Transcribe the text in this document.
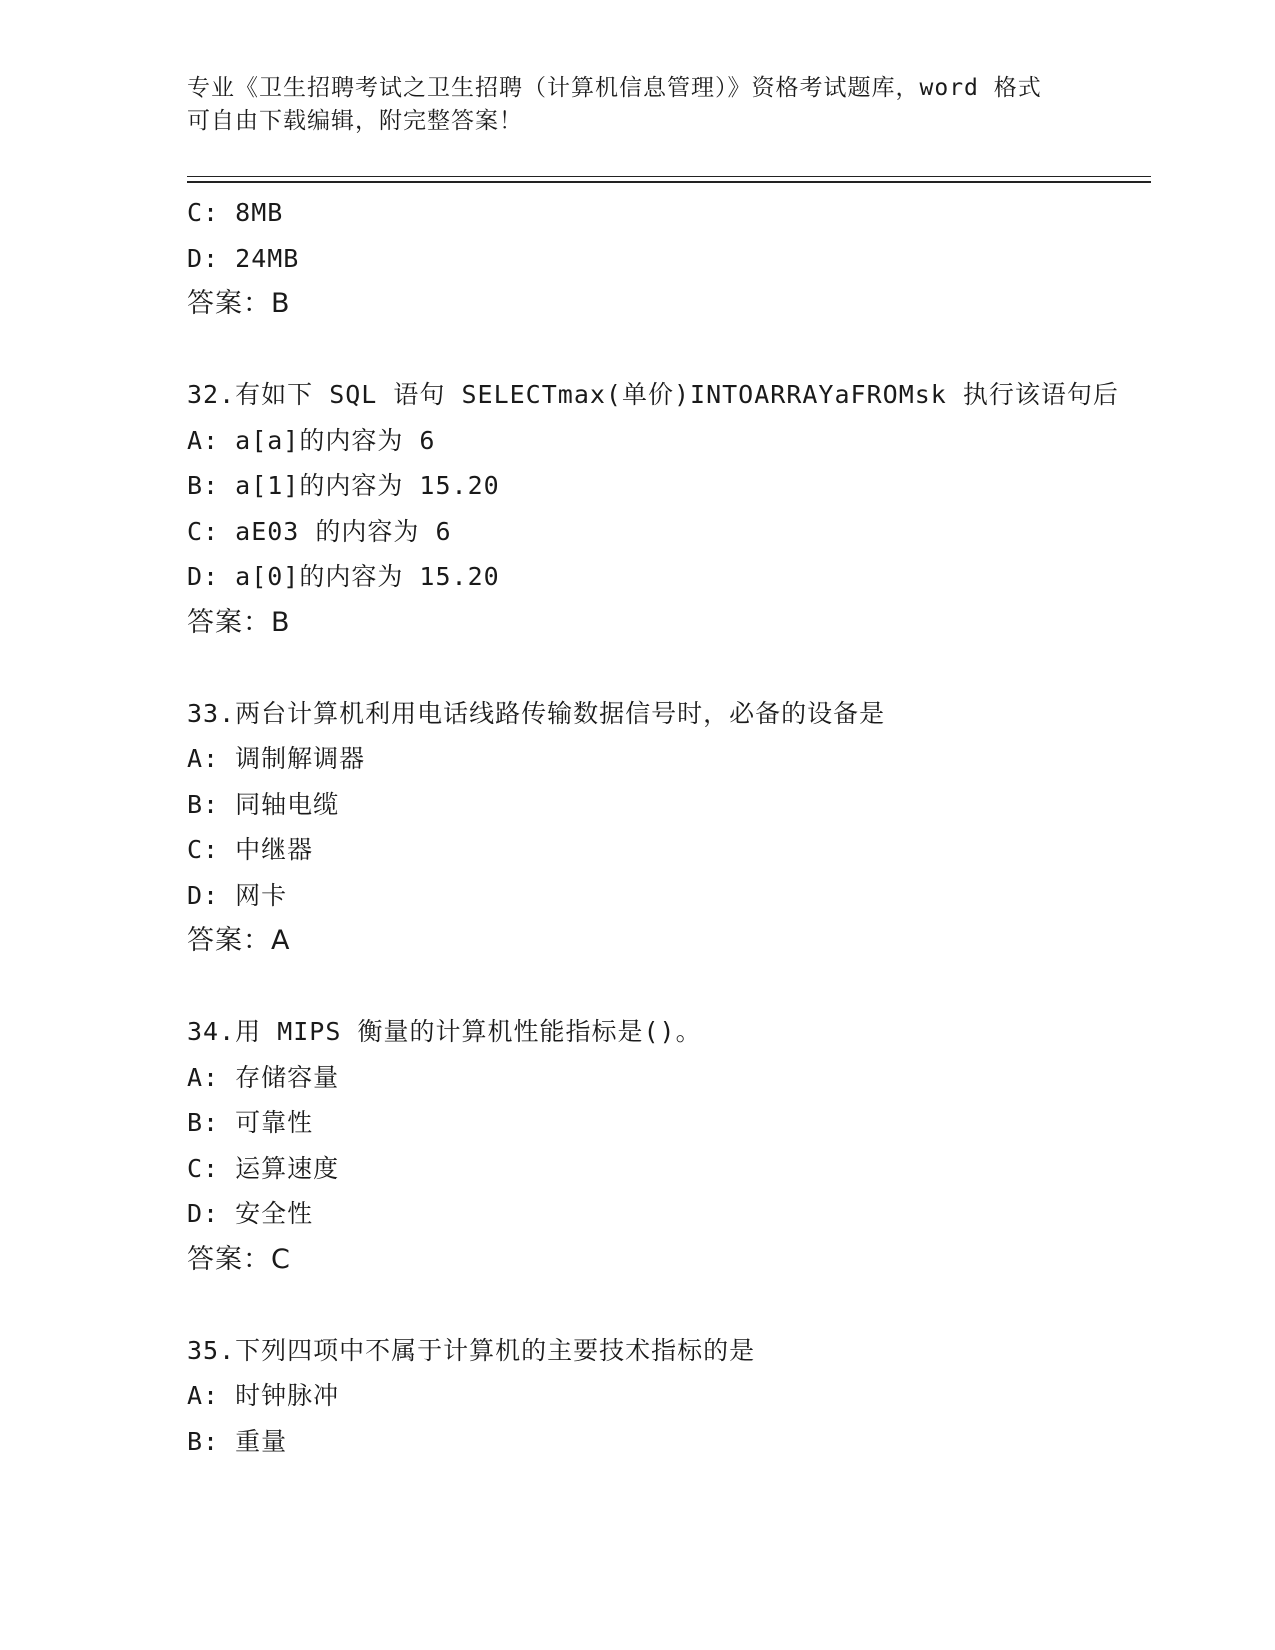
专业《卫生招聘考试之卫生招聘（计算机信息管理）》资格考试题库，word 格式
可自由下载编辑，附完整答案！
C: 8MB
D: 24MB
答案：B
32.有如下 SQL 语句 SELECTmax(单价)INTOARRAYaFROMsk 执行该语句后
A: a[a]的内容为 6
B: a[1]的内容为 15.20
C: aE03 的内容为 6
D: a[0]的内容为 15.20
答案：B
33.两台计算机利用电话线路传输数据信号时，必备的设备是
A: 调制解调器
B: 同轴电缆
C: 中继器
D: 网卡
答案：A
34.用 MIPS 衡量的计算机性能指标是()。
A: 存储容量
B: 可靠性
C: 运算速度
D: 安全性
答案：C
35.下列四项中不属于计算机的主要技术指标的是
A: 时钟脉冲
B: 重量
